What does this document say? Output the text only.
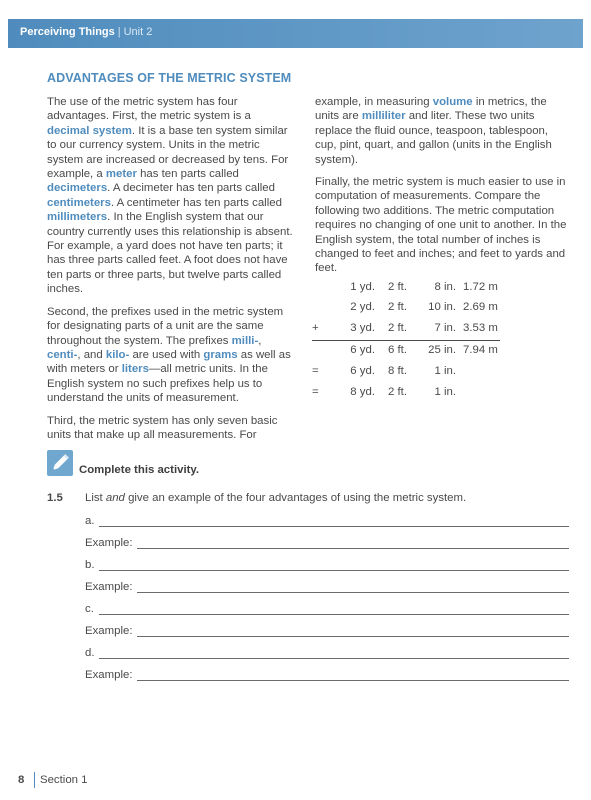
Perceiving Things | Unit 2
ADVANTAGES OF THE METRIC SYSTEM

The use of the metric system has four advantages. First, the metric system is a decimal system. It is a base ten system similar to our currency system. Units in the metric system are increased or decreased by tens. For example, a meter has ten parts called decimeters. A decimeter has ten parts called centimeters. A centimeter has ten parts called millimeters. In the English system that our country currently uses this relationship is absent. For example, a yard does not have ten parts; it has three parts called feet. A foot does not have ten parts or three parts, but twelve parts called inches.

Second, the prefixes used in the metric system for designating parts of a unit are the same throughout the system. The prefixes milli-, centi-, and kilo- are used with grams as well as with meters or liters—all metric units. In the English system no such prefixes help us to understand the units of measurement.

Third, the metric system has only seven basic units that make up all measurements. For

example, in measuring volume in metrics, the units are milliliter and liter. These two units replace the fluid ounce, teaspoon, tablespoon, cup, pint, quart, and gallon (units in the English system).

Finally, the metric system is much easier to use in computation of measurements. Compare the following two additions. The metric computation requires no changing of one unit to another. In the English system, the total number of inches is changed to feet and inches; and feet to yards and feet.

1 yd. 2 ft.	8 in. 1.72 m
2 yd. 2 ft.	10 in. 2.69 m
+	3 yd. 2 ft.	7 in. 3.53 m
6 yd. 6 ft.	25 in. 7.94 m
=	6 yd. 8 ft.	1 in.
=	8 yd. 2 ft.	1 in.
Complete this activity.
1.5 List and give an example of the four advantages of using the metric system.
a.
Example:
b.
Example:
c.
Example:
d.
Example:
8 Section 1
